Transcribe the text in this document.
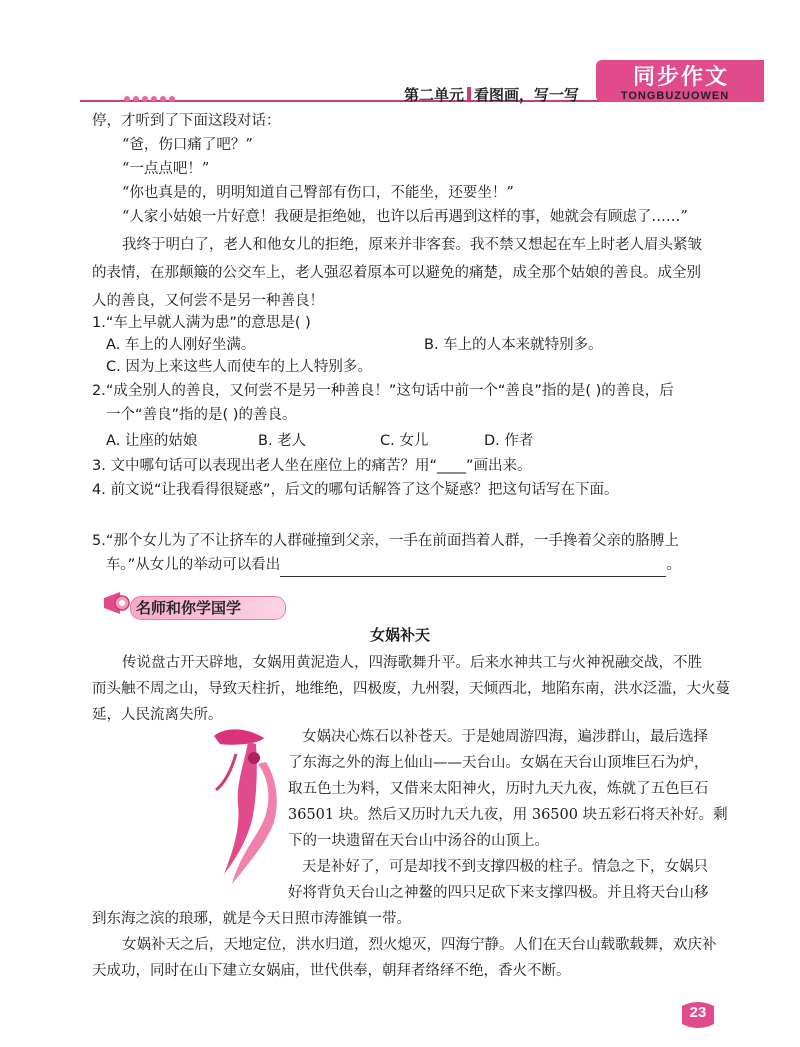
第二单元 看图画，写一写
同步作文
TONGBUZUOWEN
停，才听到了下面这段对话：
“爸，伤口痛了吧？”
“一点点吧！”
“你也真是的，明明知道自己臀部有伤口，不能坐，还要坐！”
“人家小姑娘一片好意！我硬是拒绝她，也许以后再遇到这样的事，她就会有顾虑了……”
我终于明白了，老人和他女儿的拒绝，原来并非客套。我不禁又想起在车上时老人眉头紧皱
的表情，在那颠簸的公交车上，老人强忍着原本可以避免的痛楚，成全那个姑娘的善良。成全别
人的善良，又何尝不是另一种善良！
1.“车上早就人满为患”的意思是( )
A. 车上的人刚好坐满。	B. 车上的人本来就特别多。
C. 因为上来这些人而使车的上人特别多。
2.“成全别人的善良，又何尝不是另一种善良！”这句话中前一个“善良”指的是( )的善良，后
一个“善良”指的是( )的善良。
A. 让座的姑娘	B. 老人	C. 女儿	D. 作者
3. 文中哪句话可以表现出老人坐在座位上的痛苦？用“____”画出来。
4. 前文说“让我看得很疑惑”，后文的哪句话解答了这个疑惑？把这句话写在下面。
5.“那个女儿为了不让挤车的人群碰撞到父亲，一手在前面挡着人群，一手搀着父亲的胳膊上
车。”从女儿的举动可以看出	。
名师和你学国学
女娲补天
传说盘古开天辟地，女娲用黄泥造人，四海歌舞升平。后来水神共工与火神祝融交战，不胜
而头触不周之山，导致天柱折，地维绝，四极废，九州裂，天倾西北，地陷东南，洪水泛滥，大火蔓
延，人民流离失所。
女娲决心炼石以补苍天。于是她周游四海，遍涉群山，最后选择
了东海之外的海上仙山——天台山。女娲在天台山顶堆巨石为炉，
取五色土为料，又借来太阳神火，历时九天九夜，炼就了五色巨石
36501 块。然后又历时九天九夜，用 36500 块五彩石将天补好。剩
下的一块遗留在天台山中汤谷的山顶上。
天是补好了，可是却找不到支撑四极的柱子。情急之下，女娲只
好将背负天台山之神鳌的四只足砍下来支撑四极。并且将天台山移
到东海之滨的琅琊，就是今天日照市涛雒镇一带。
女娲补天之后，天地定位，洪水归道，烈火熄灭，四海宁静。人们在天台山载歌载舞，欢庆补
天成功，同时在山下建立女娲庙，世代供奉，朝拜者络绎不绝，香火不断。
23
